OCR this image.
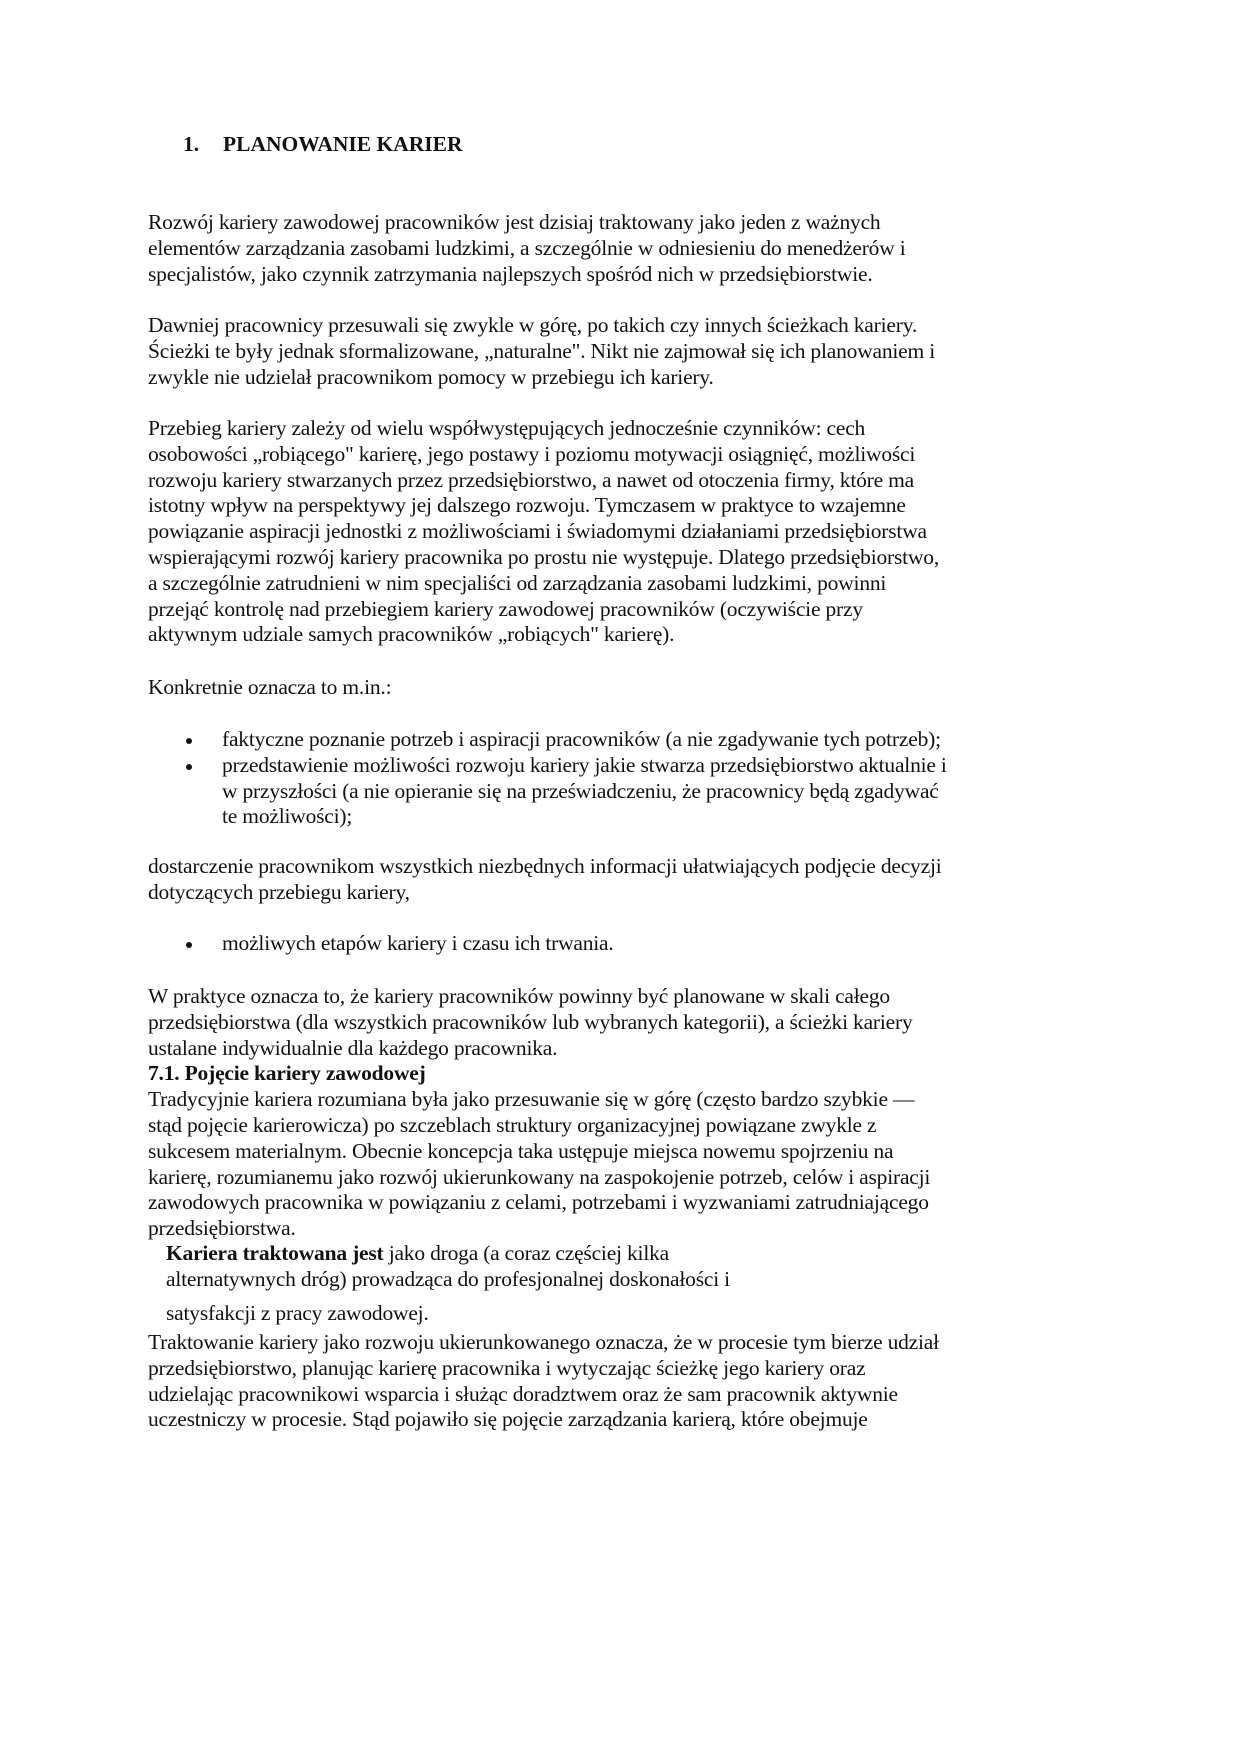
1. PLANOWANIE KARIER
Rozwój kariery zawodowej pracowników jest dzisiaj traktowany jako jeden z ważnych
elementów zarządzania zasobami ludzkimi, a szczególnie w odniesieniu do menedżerów i
specjalistów, jako czynnik zatrzymania najlepszych spośród nich w przedsiębiorstwie.
Dawniej pracownicy przesuwali się zwykle w górę, po takich czy innych ścieżkach kariery.
Ścieżki te były jednak sformalizowane, „naturalne". Nikt nie zajmował się ich planowaniem i
zwykle nie udzielał pracownikom pomocy w przebiegu ich kariery.
Przebieg kariery zależy od wielu współwystępujących jednocześnie czynników: cech
osobowości „robiącego" karierę, jego postawy i poziomu motywacji osiągnięć, możliwości
rozwoju kariery stwarzanych przez przedsiębiorstwo, a nawet od otoczenia firmy, które ma
istotny wpływ na perspektywy jej dalszego rozwoju. Tymczasem w praktyce to wzajemne
powiązanie aspiracji jednostki z możliwościami i świadomymi działaniami przedsiębiorstwa
wspierającymi rozwój kariery pracownika po prostu nie występuje. Dlatego przedsiębiorstwo,
a szczególnie zatrudnieni w nim specjaliści od zarządzania zasobami ludzkimi, powinni
przejąć kontrolę nad przebiegiem kariery zawodowej pracowników (oczywiście przy
aktywnym udziale samych pracowników „robiących" karierę).
Konkretnie oznacza to m.in.:
faktyczne poznanie potrzeb i aspiracji pracowników (a nie zgadywanie tych potrzeb);
przedstawienie możliwości rozwoju kariery jakie stwarza przedsiębiorstwo aktualnie i
w przyszłości (a nie opieranie się na przeświadczeniu, że pracownicy będą zgadywać
te możliwości);
dostarczenie pracownikom wszystkich niezbędnych informacji ułatwiających podjęcie decyzji
dotyczących przebiegu kariery,
możliwych etapów kariery i czasu ich trwania.
W praktyce oznacza to, że kariery pracowników powinny być planowane w skali całego
przedsiębiorstwa (dla wszystkich pracowników lub wybranych kategorii), a ścieżki kariery
ustalane indywidualnie dla każdego pracownika.
7.1. Pojęcie kariery zawodowej
Tradycyjnie kariera rozumiana była jako przesuwanie się w górę (często bardzo szybkie —
stąd pojęcie karierowicza) po szczeblach struktury organizacyjnej powiązane zwykle z
sukcesem materialnym. Obecnie koncepcja taka ustępuje miejsca nowemu spojrzeniu na
karierę, rozumianemu jako rozwój ukierunkowany na zaspokojenie potrzeb, celów i aspiracji
zawodowych pracownika w powiązaniu z celami, potrzebami i wyzwaniami zatrudniającego
przedsiębiorstwa.
Kariera traktowana jest jako droga (a coraz częściej kilka
alternatywnych dróg) prowadząca do profesjonalnej doskonałości i
satysfakcji z pracy zawodowej.
Traktowanie kariery jako rozwoju ukierunkowanego oznacza, że w procesie tym bierze udział
przedsiębiorstwo, planując karierę pracownika i wytyczając ścieżkę jego kariery oraz
udzielając pracownikowi wsparcia i służąc doradztwem oraz że sam pracownik aktywnie
uczestniczy w procesie. Stąd pojawiło się pojęcie zarządzania karierą, które obejmuje
